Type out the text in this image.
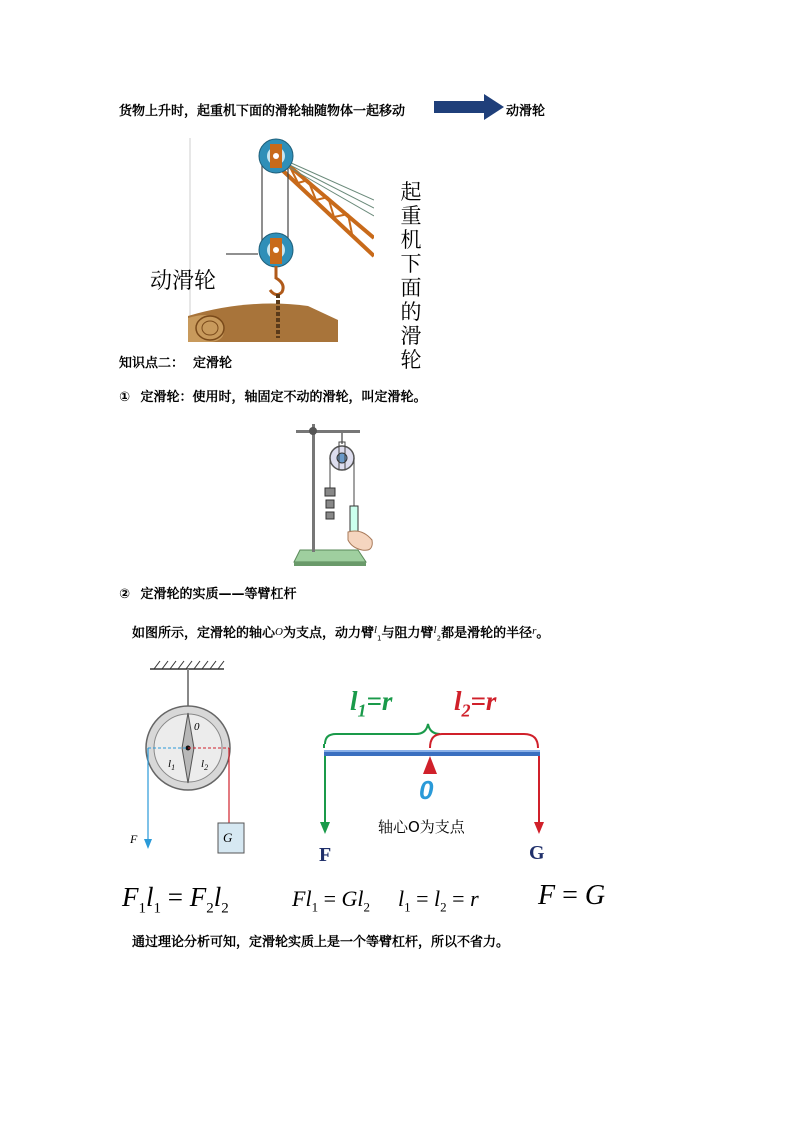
货物上升时，起重机下面的滑轮轴随物体一起移动	动滑轮
动滑轮
起
重
机
下
面
的
滑
轮
知识点二：  定滑轮
① 定滑轮：使用时，轴固定不动的滑轮，叫定滑轮。
② 定滑轮的实质——等臂杠杆
如图所示，定滑轮的轴心O为支点，动力臂$^l_1$与阻力臂$^l_2$都是滑轮的半径$^r$。
0
$l_1$ $l_2$
F	G
$l_1=r$ $l_2=r$
0
轴心O为支点
F	G
$F_1l_1 = F_2l_2$	$Fl_1 = Gl_2$ $l_1 = l_2 = r$ F = G
通过理论分析可知，定滑轮实质上是一个等臂杠杆，所以不省力。
